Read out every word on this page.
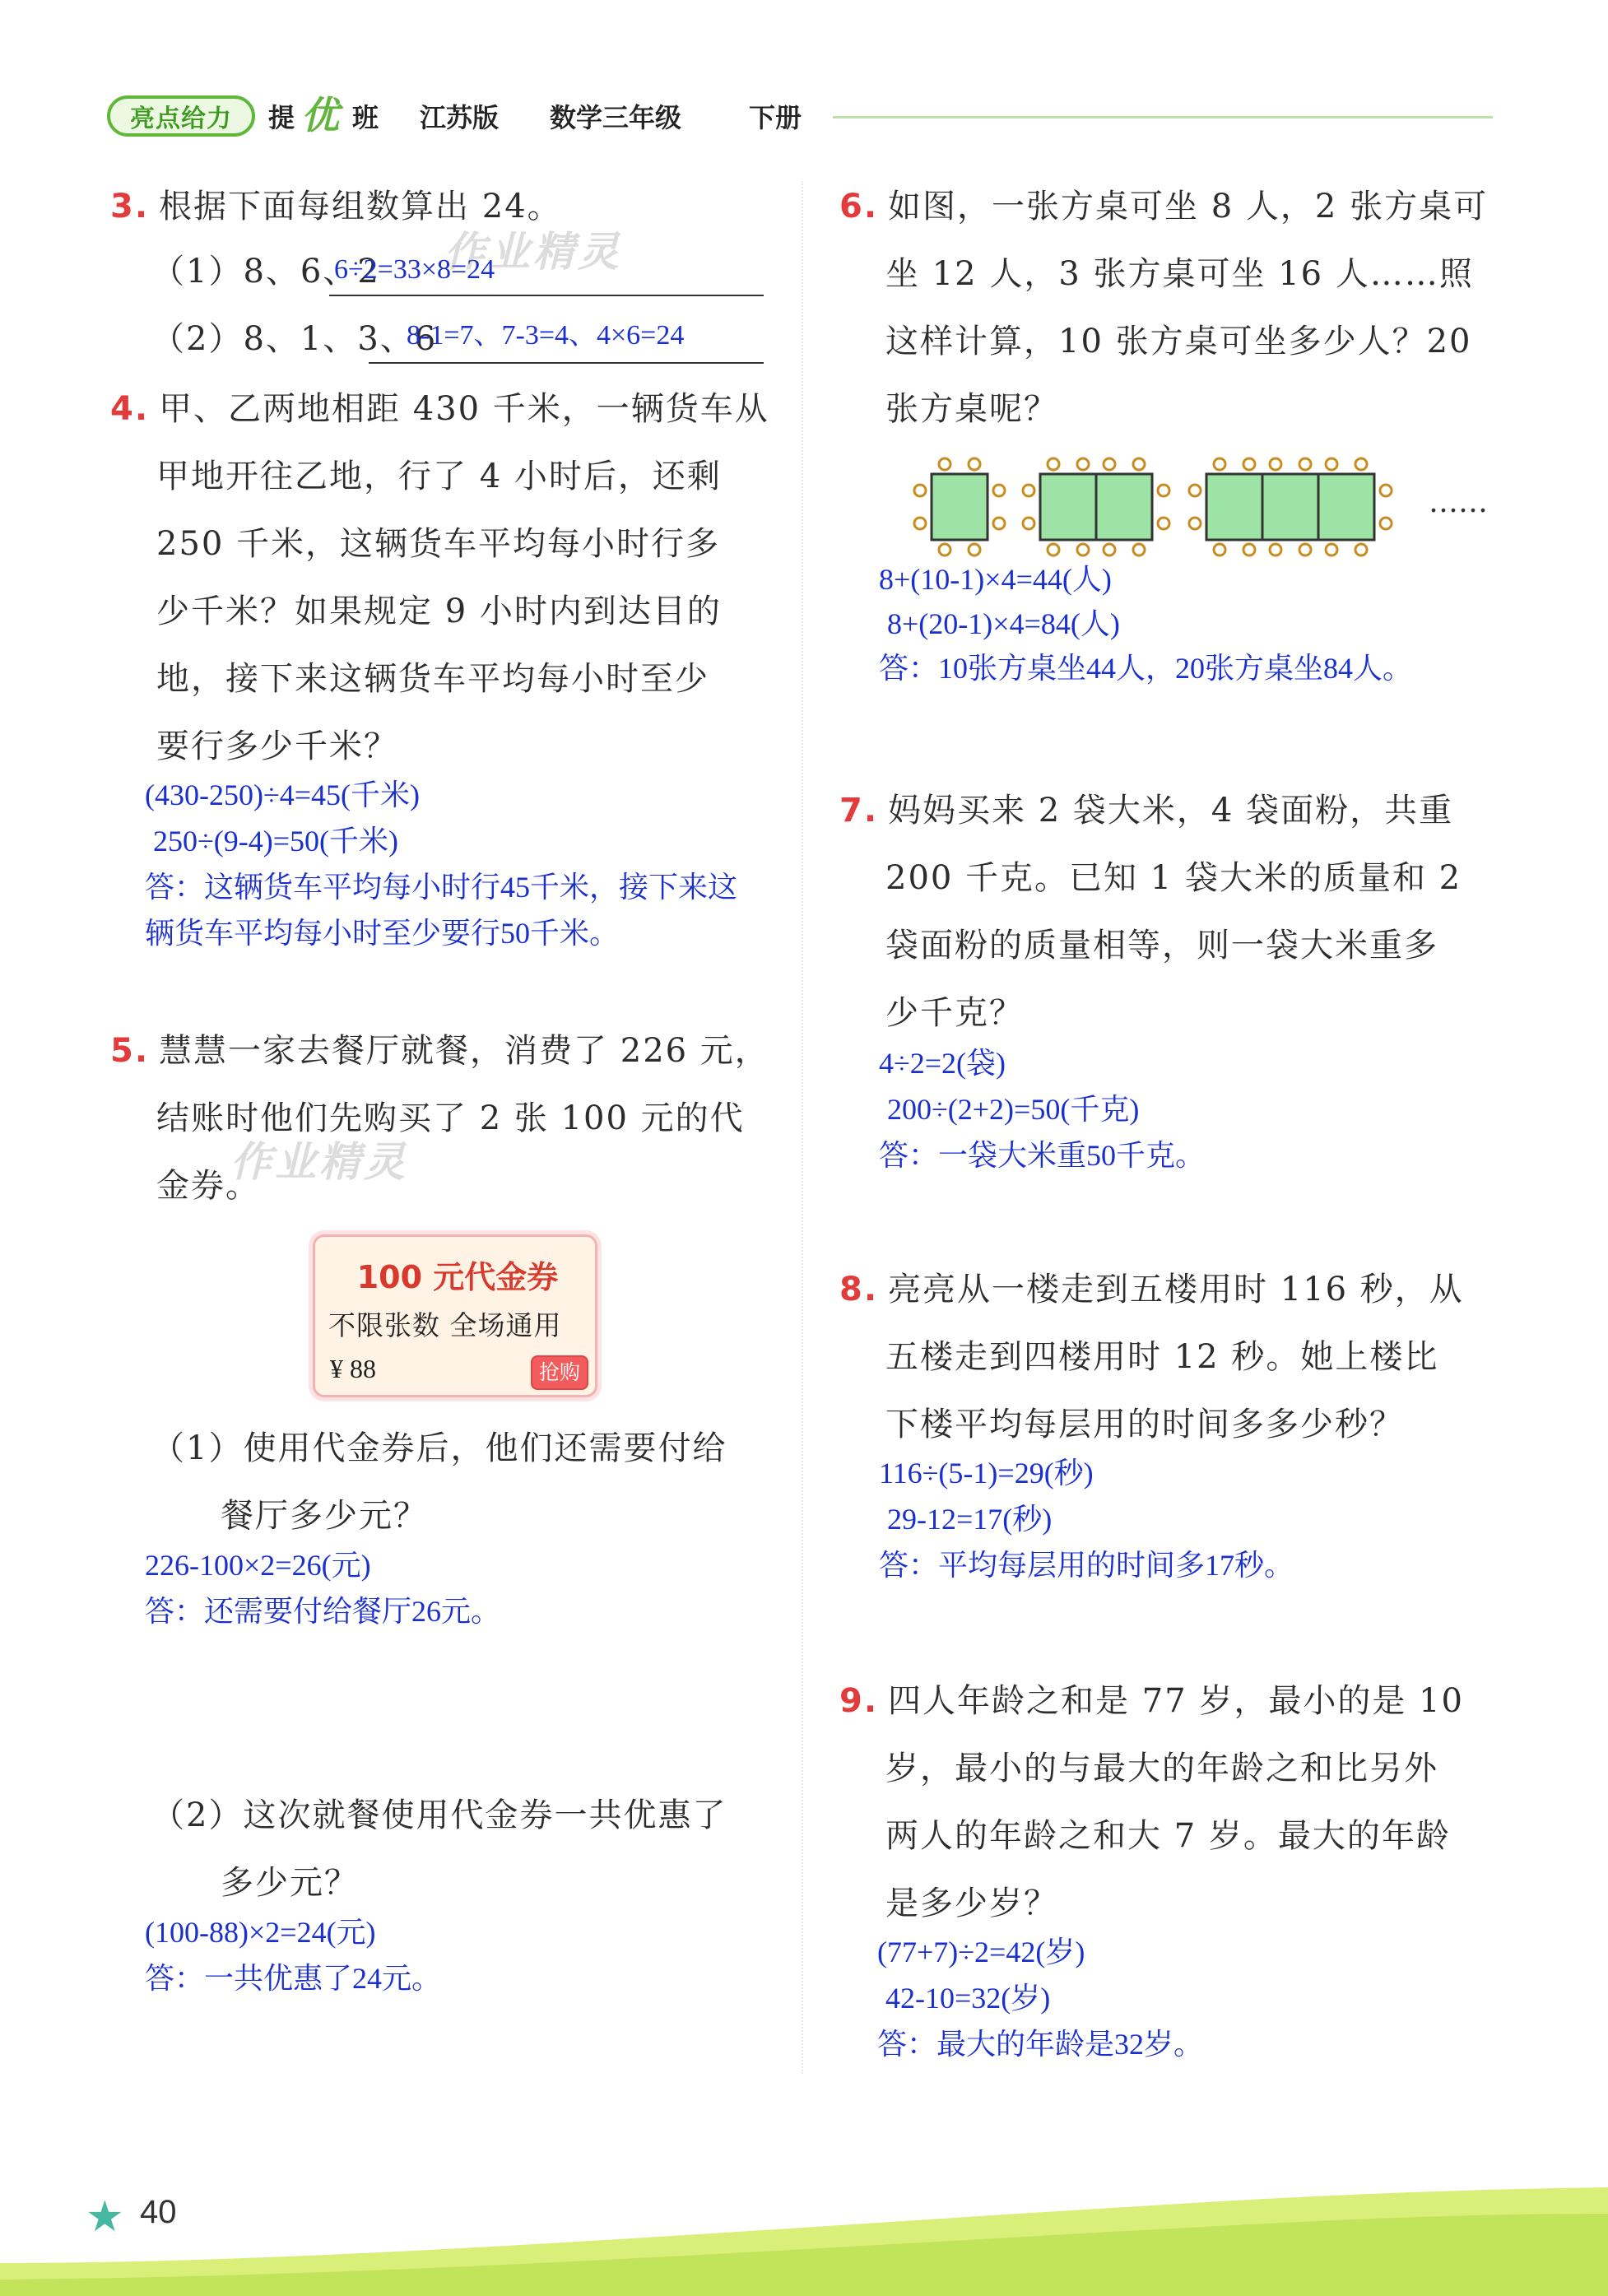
亮点给力	提 优 班 江苏版 数学三年级	下册
3. 根据下面每组数算出 24。
（1）8、6、2
6÷2=33×8=24
（2）8、1、3、6
8-1=7、7-3=4、4×6=24
4. 甲、乙两地相距 430 千米，一辆货车从
甲地开往乙地，行了 4 小时后，还剩
250 千米，这辆货车平均每小时行多
少千米？如果规定 9 小时内到达目的
地，接下来这辆货车平均每小时至少
要行多少千米？
(430-250)÷4=45(千米)
250÷(9-4)=50(千米)
答：这辆货车平均每小时行45千米，接下来这
辆货车平均每小时至少要行50千米。
5. 慧慧一家去餐厅就餐，消费了 226 元，
结账时他们先购买了 2 张 100 元的代
金券。
作业精灵
100 元代金券
不限张数 全场通用
¥ 88	抢购
（1）使用代金券后，他们还需要付给
餐厅多少元？
226-100×2=26(元)
答：还需要付给餐厅26元。
（2）这次就餐使用代金券一共优惠了
多少元？
(100-88)×2=24(元)
答：一共优惠了24元。
6. 如图，一张方桌可坐 8 人，2 张方桌可
坐 12 人，3 张方桌可坐 16 人……照
这样计算，10 张方桌可坐多少人？20
张方桌呢？
作业精灵
……
8+(10-1)×4=44(人)
8+(20-1)×4=84(人)
答：10张方桌坐44人，20张方桌坐84人。
7. 妈妈买来 2 袋大米，4 袋面粉，共重
200 千克。已知 1 袋大米的质量和 2
袋面粉的质量相等，则一袋大米重多
少千克？
4÷2=2(袋)
200÷(2+2)=50(千克)
答：一袋大米重50千克。
8. 亮亮从一楼走到五楼用时 116 秒，从
五楼走到四楼用时 12 秒。她上楼比
下楼平均每层用的时间多多少秒？
116÷(5-1)=29(秒)
29-12=17(秒)
答：平均每层用的时间多17秒。
9. 四人年龄之和是 77 岁，最小的是 10
岁，最小的与最大的年龄之和比另外
两人的年龄之和大 7 岁。最大的年龄
是多少岁？
(77+7)÷2=42(岁)
42-10=32(岁)
答：最大的年龄是32岁。
★ 40
